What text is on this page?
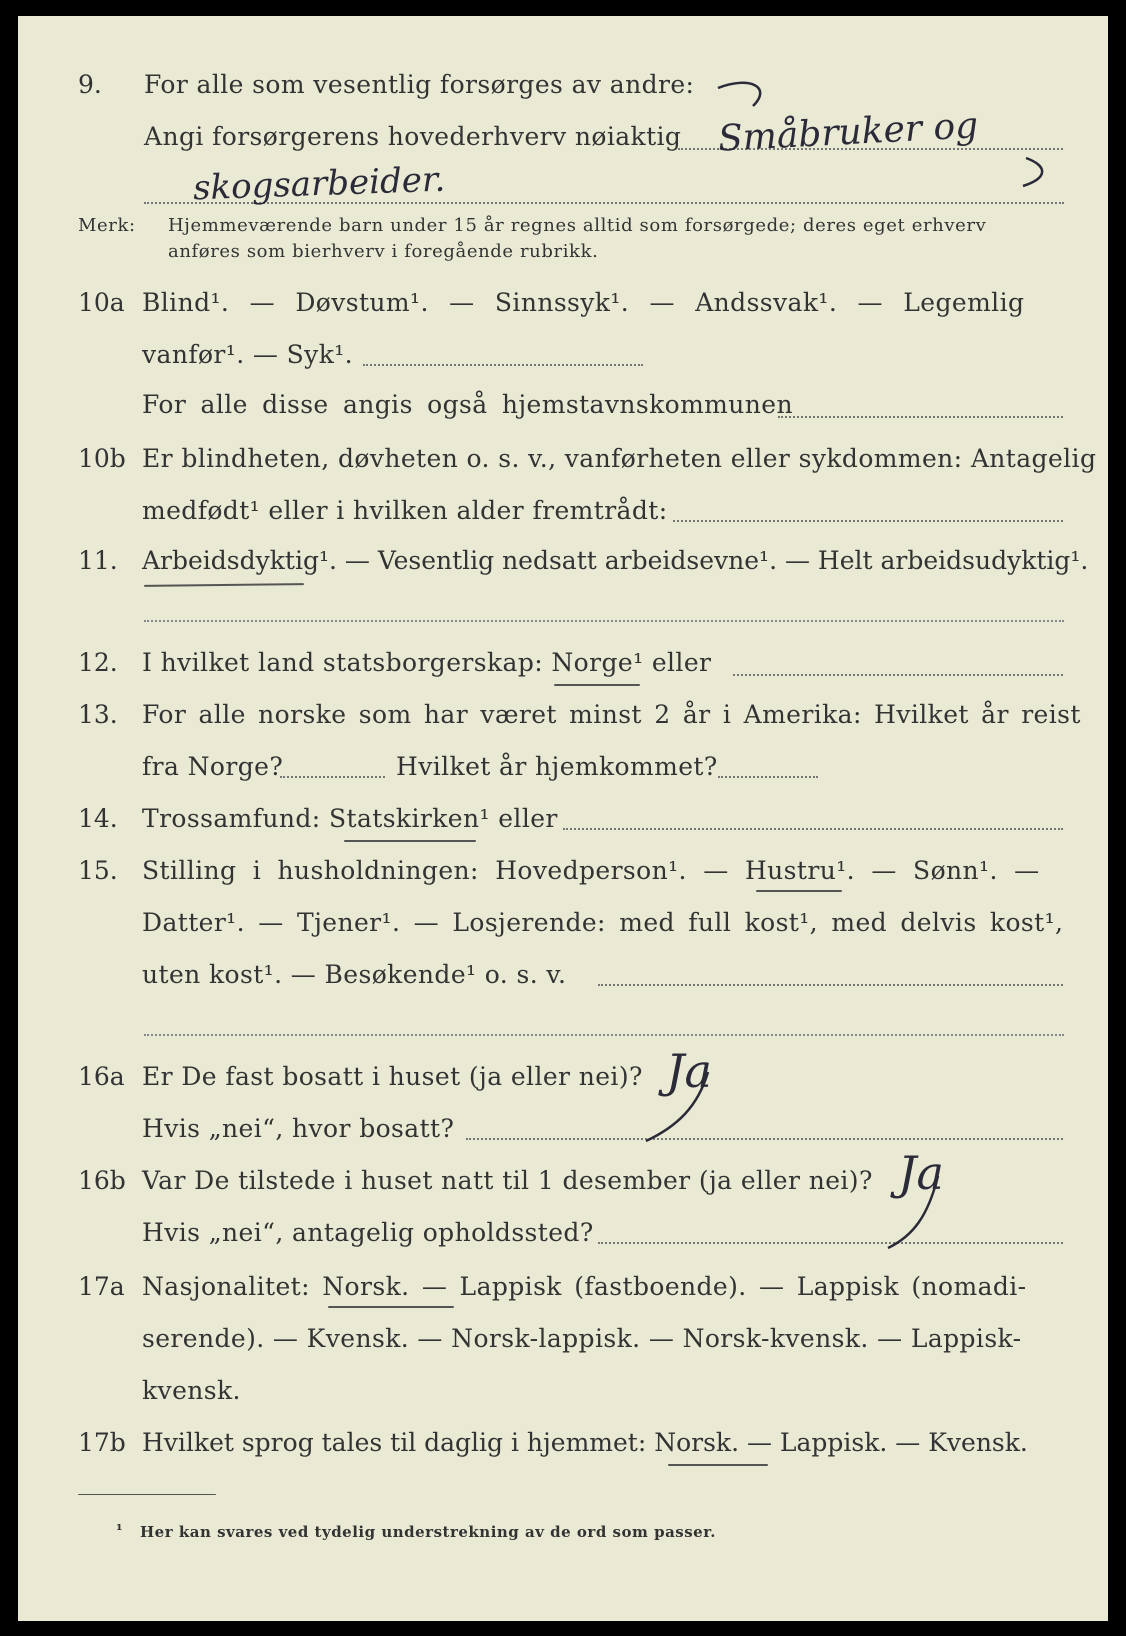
9. For alle som vesentlig forsørges av andre:
Angi forsørgerens hovederhverv nøiaktig Småbruker og
skogsarbeider.
Merk: Hjemmeværende barn under 15 år regnes alltid som forsørgede; deres eget erhverv
anføres som bierhverv i foregående rubrikk.
10a Blind¹. — Døvstum¹. — Sinnssyk¹. — Andssvak¹. — Legemlig
vanfør¹. — Syk¹.
For alle disse angis også hjemstavnskommunen
10b Er blindheten, døvheten o. s. v., vanførheten eller sykdommen: Antagelig
medfødt¹ eller i hvilken alder fremtrådt:
11. Arbeidsdyktig¹. — Vesentlig nedsatt arbeidsevne¹. — Helt arbeidsudyktig¹.
12. I hvilket land statsborgerskap: Norge¹ eller
13. For alle norske som har været minst 2 år i Amerika: Hvilket år reist
fra Norge?	Hvilket år hjemkommet?
14. Trossamfund: Statskirken¹ eller
15. Stilling i husholdningen: Hovedperson¹. — Hustru¹. — Sønn¹. —
Datter¹. — Tjener¹. — Losjerende: med full kost¹, med delvis kost¹,
uten kost¹. — Besøkende¹ o. s. v.
16a Er De fast bosatt i huset (ja eller nei)? Ja
Hvis „nei“, hvor bosatt?
16b Var De tilstede i huset natt til 1 desember (ja eller nei)? Ja
Hvis „nei“, antagelig opholdssted?
17a Nasjonalitet: Norsk. — Lappisk (fastboende). — Lappisk (nomadi-
serende). — Kvensk. — Norsk-lappisk. — Norsk-kvensk. — Lappisk-
kvensk.
17b Hvilket sprog tales til daglig i hjemmet: Norsk. — Lappisk. — Kvensk.
¹ Her kan svares ved tydelig understrekning av de ord som passer.
